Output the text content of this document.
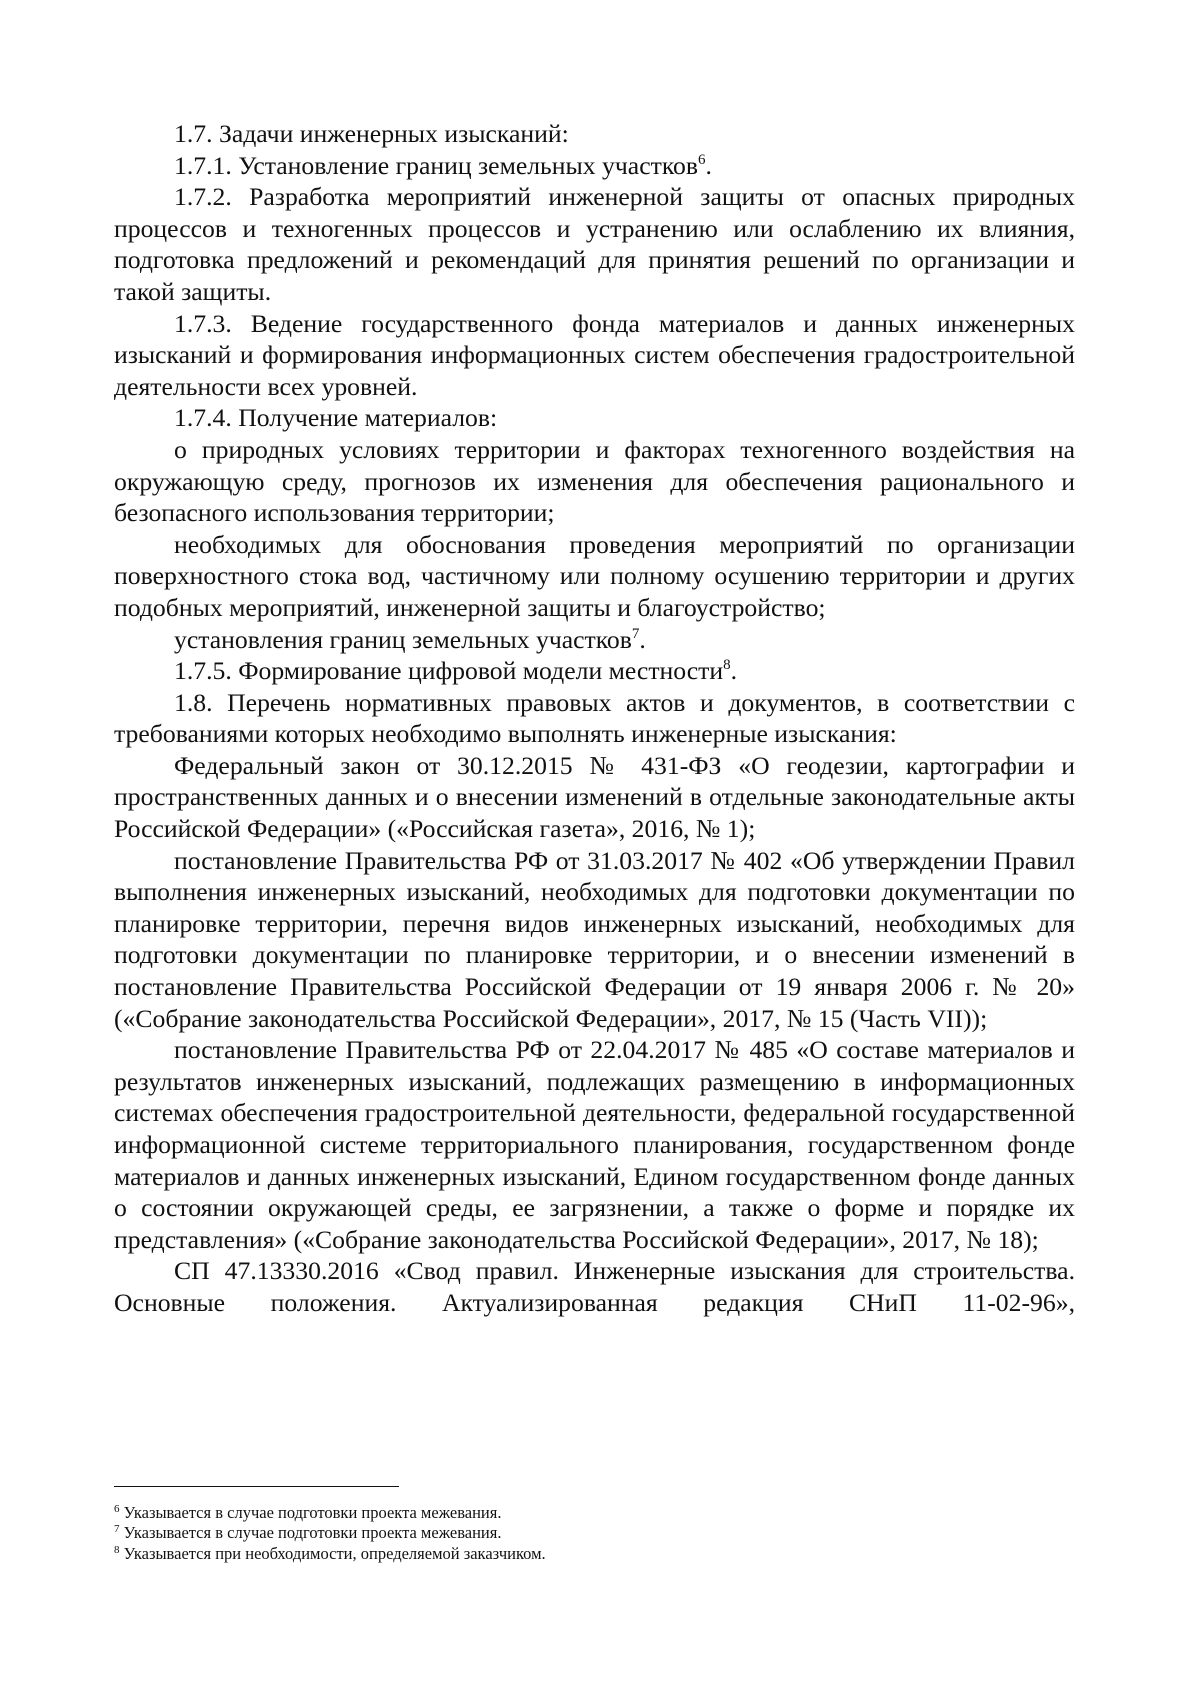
1.7. Задачи инженерных изысканий:

1.7.1. Установление границ земельных участков$^6$.

1.7.2. Разработка мероприятий инженерной защиты от опасных природных процессов и техногенных процессов и устранению или ослаблению их влияния, подготовка предложений и рекомендаций для принятия решений по организации и такой защиты.

1.7.3. Ведение государственного фонда материалов и данных инженерных изысканий и формирования информационных систем обеспечения градостроительной деятельности всех уровней.

1.7.4. Получение материалов:

о природных условиях территории и факторах техногенного воздействия на окружающую среду, прогнозов их изменения для обеспечения рационального и безопасного использования территории;

необходимых для обоснования проведения мероприятий по организации поверхностного стока вод, частичному или полному осушению территории и других подобных мероприятий, инженерной защиты и благоустройство;

установления границ земельных участков$^7$.

1.7.5. Формирование цифровой модели местности$^8$.

1.8. Перечень нормативных правовых актов и документов, в соответствии с требованиями которых необходимо выполнять инженерные изыскания:

Федеральный закон от 30.12.2015 № 431-ФЗ «О геодезии, картографии и пространственных данных и о внесении изменений в отдельные законодательные акты Российской Федерации» («Российская газета», 2016, № 1);

постановление Правительства РФ от 31.03.2017 № 402 «Об утверждении Правил выполнения инженерных изысканий, необходимых для подготовки документации по планировке территории, перечня видов инженерных изысканий, необходимых для подготовки документации по планировке территории, и о внесении изменений в постановление Правительства Российской Федерации от 19 января 2006 г. № 20» («Собрание законодательства Российской Федерации», 2017, № 15 (Часть VII));

постановление Правительства РФ от 22.04.2017 № 485 «О составе материалов и результатов инженерных изысканий, подлежащих размещению в информационных системах обеспечения градостроительной деятельности, федеральной государственной информационной системе территориального планирования, государственном фонде материалов и данных инженерных изысканий, Едином государственном фонде данных о состоянии окружающей среды, ее загрязнении, а также о форме и порядке их представления» («Собрание законодательства Российской Федерации», 2017, № 18);

СП 47.13330.2016 «Свод правил. Инженерные изыскания для строительства. Основные положения. Актуализированная редакция СНиП 11-02-96»,

$^6$ Указывается в случае подготовки проекта межевания.

$^7$ Указывается в случае подготовки проекта межевания.

$^8$ Указывается при необходимости, определяемой заказчиком.
